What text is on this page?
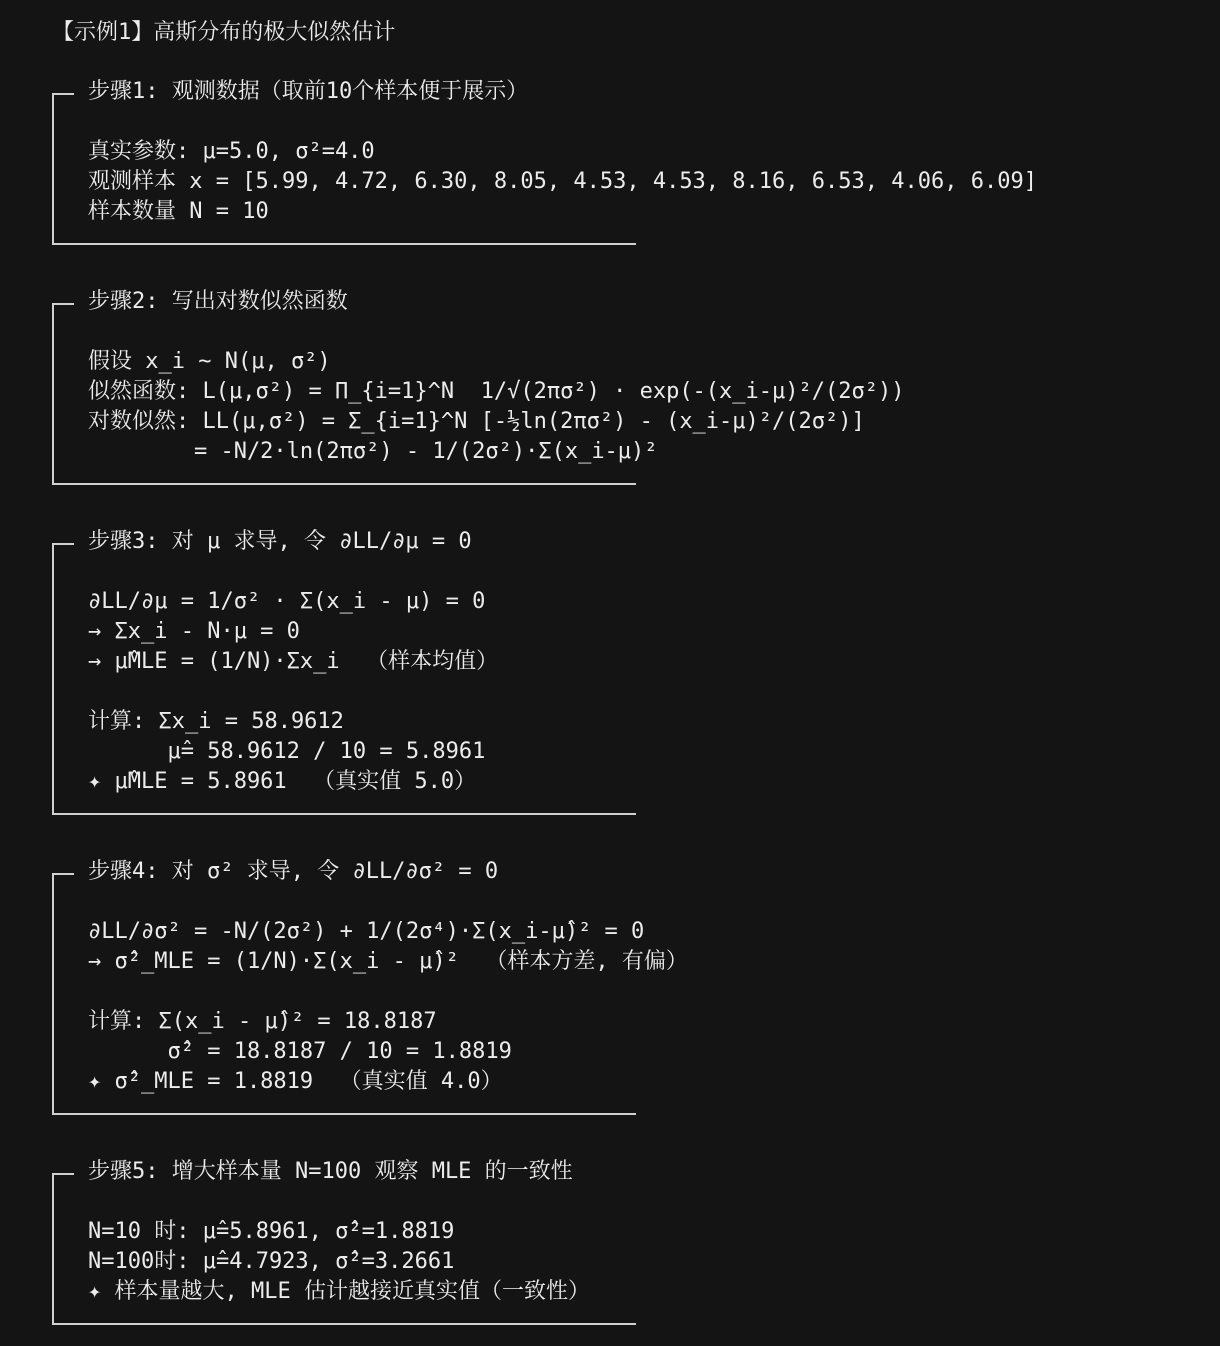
【示例1】高斯分布的极大似然估计
步骤1: 观测数据（取前10个样本便于展示）
真实参数: μ=5.0, σ²=4.0
观测样本 x = [5.99, 4.72, 6.30, 8.05, 4.53, 4.53, 8.16, 6.53, 4.06, 6.09]
样本数量 N = 10
步骤2: 写出对数似然函数
假设 x_i ~ N(μ, σ²)
似然函数: L(μ,σ²) = Π_{i=1}^N  1/√(2πσ²) · exp(-(x_i-μ)²/(2σ²))
对数似然: LL(μ,σ²) = Σ_{i=1}^N [-½ln(2πσ²) - (x_i-μ)²/(2σ²)]
= -N/2·ln(2πσ²) - 1/(2σ²)·Σ(x_i-μ)²
步骤3: 对 μ 求导, 令 ∂LL/∂μ = 0
∂LL/∂μ = 1/σ² · Σ(x_i - μ) = 0
→ Σx_i - N·μ = 0
→ μ̂MLE = (1/N)·Σx_i  （样本均值）
计算: Σx_i = 58.9612
μ̂= 58.9612 / 10 = 5.8961
✦ μ̂MLE = 5.8961  （真实值 5.0）
步骤4: 对 σ² 求导, 令 ∂LL/∂σ² = 0
∂LL/∂σ² = -N/(2σ²) + 1/(2σ⁴)·Σ(x_i-μ̂)² = 0
→ σ̂²_MLE = (1/N)·Σ(x_i - μ̂)²  （样本方差, 有偏）
计算: Σ(x_i - μ̂)² = 18.8187
σ̂² = 18.8187 / 10 = 1.8819
✦ σ̂²_MLE = 1.8819  （真实值 4.0）
步骤5: 增大样本量 N=100 观察 MLE 的一致性
N=10 时: μ̂=5.8961, σ̂²=1.8819
N=100时: μ̂=4.7923, σ̂²=3.2661
✦ 样本量越大, MLE 估计越接近真实值（一致性）
